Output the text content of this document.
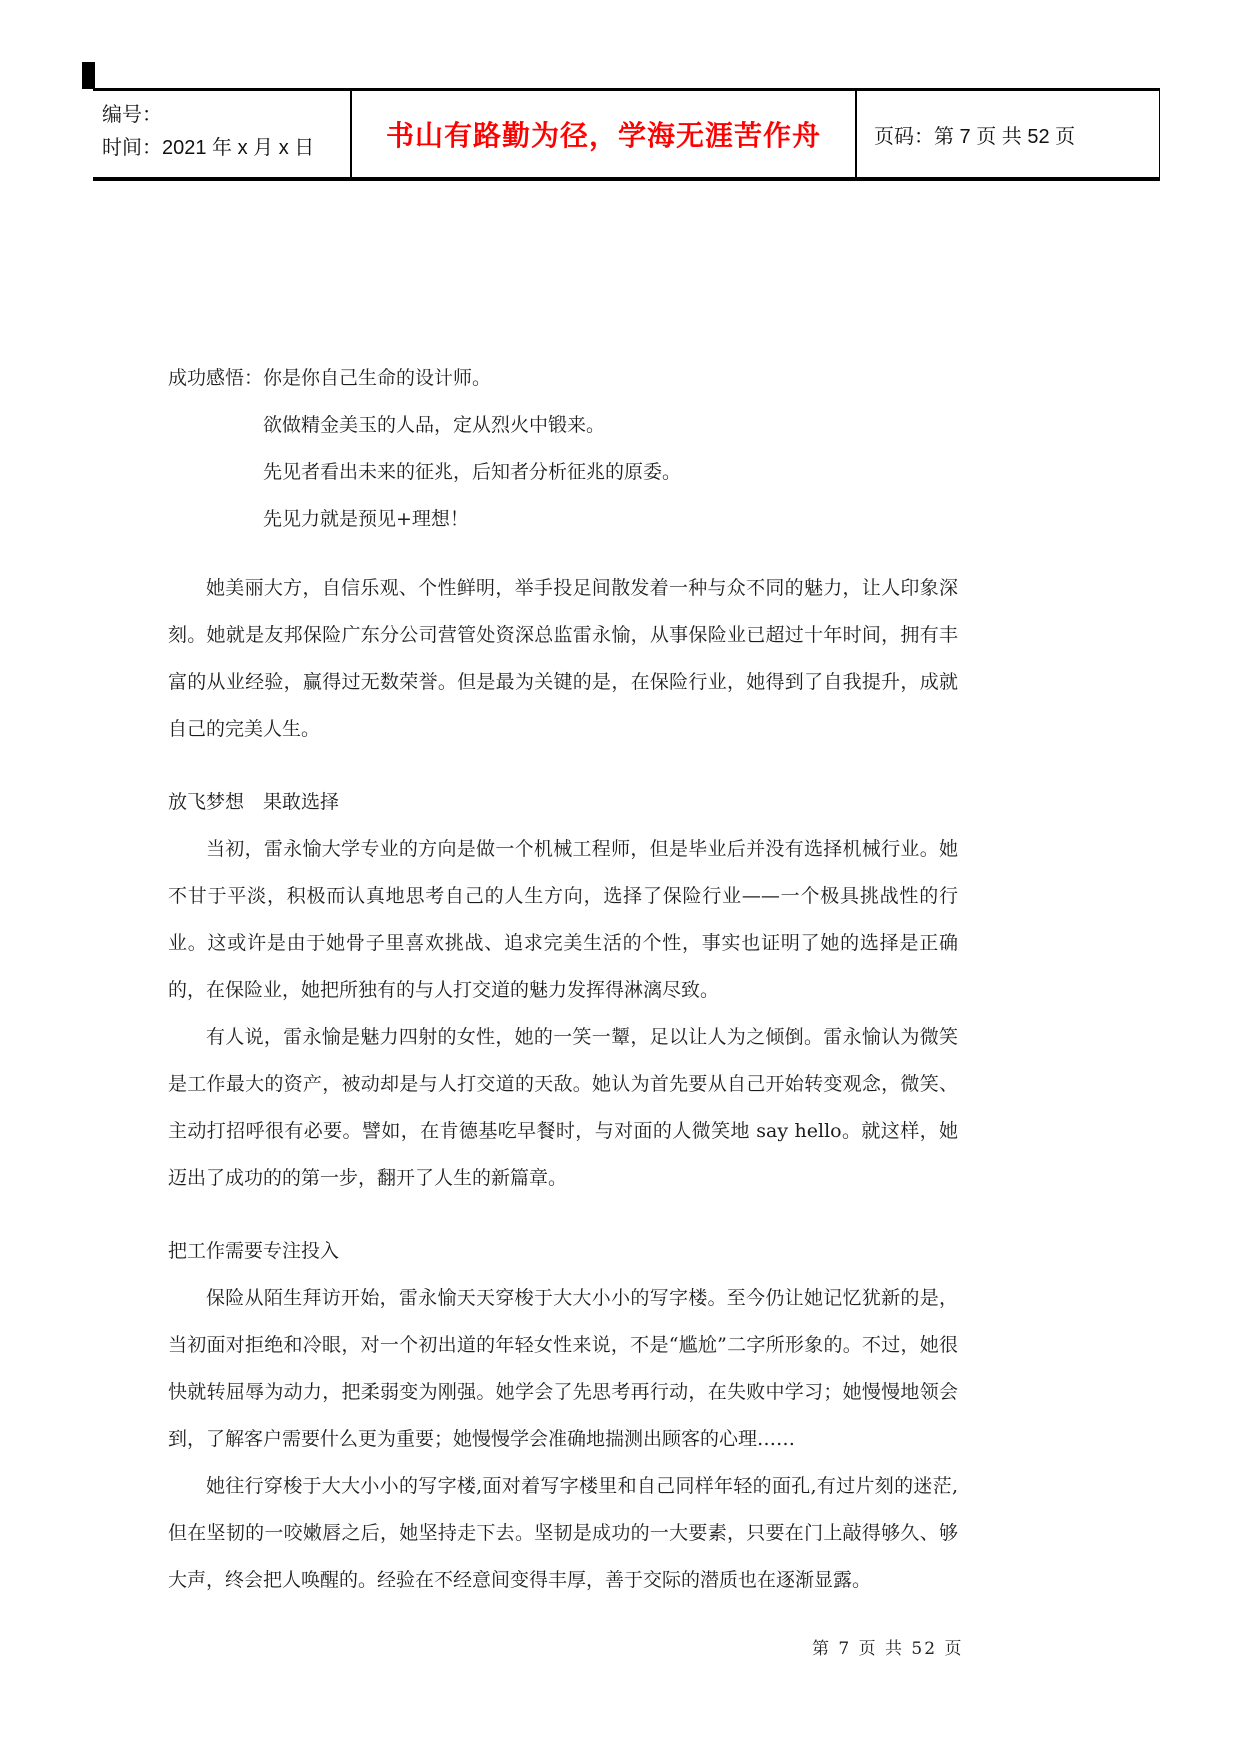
编号：
时间：2021 年 x 月 x 日	书山有路勤为径，学海无涯苦作舟	页码：第 7 页 共 52 页
成功感悟：你是你自己生命的设计师。
欲做精金美玉的人品，定从烈火中锻来。
先见者看出未来的征兆，后知者分析征兆的原委。
先见力就是预见+理想！

她美丽大方，自信乐观、个性鲜明，举手投足间散发着一种与众不同的魅力，让人印象深刻。她就是友邦保险广东分公司营管处资深总监雷永愉，从事保险业已超过十年时间，拥有丰富的从业经验，赢得过无数荣誉。但是最为关键的是，在保险行业，她得到了自我提升，成就自己的完美人生。

放飞梦想　果敢选择

当初，雷永愉大学专业的方向是做一个机械工程师，但是毕业后并没有选择机械行业。她不甘于平淡，积极而认真地思考自己的人生方向，选择了保险行业——一个极具挑战性的行业。这或许是由于她骨子里喜欢挑战、追求完美生活的个性，事实也证明了她的选择是正确的，在保险业，她把所独有的与人打交道的魅力发挥得淋漓尽致。

有人说，雷永愉是魅力四射的女性，她的一笑一颦，足以让人为之倾倒。雷永愉认为微笑是工作最大的资产，被动却是与人打交道的天敌。她认为首先要从自己开始转变观念，微笑、主动打招呼很有必要。譬如，在肯德基吃早餐时，与对面的人微笑地 say hello。就这样，她迈出了成功的的第一步，翻开了人生的新篇章。

把工作需要专注投入

保险从陌生拜访开始，雷永愉天天穿梭于大大小小的写字楼。至今仍让她记忆犹新的是，当初面对拒绝和冷眼，对一个初出道的年轻女性来说，不是“尴尬”二字所形象的。不过，她很快就转屈辱为动力，把柔弱变为刚强。她学会了先思考再行动，在失败中学习；她慢慢地领会到，了解客户需要什么更为重要；她慢慢学会准确地揣测出顾客的心理……

她往行穿梭于大大小小的写字楼,面对着写字楼里和自己同样年轻的面孔,有过片刻的迷茫,但在坚韧的一咬嫩唇之后，她坚持走下去。坚韧是成功的一大要素，只要在门上敲得够久、够大声，终会把人唤醒的。经验在不经意间变得丰厚，善于交际的潜质也在逐渐显露。

第 7 页 共 52 页
